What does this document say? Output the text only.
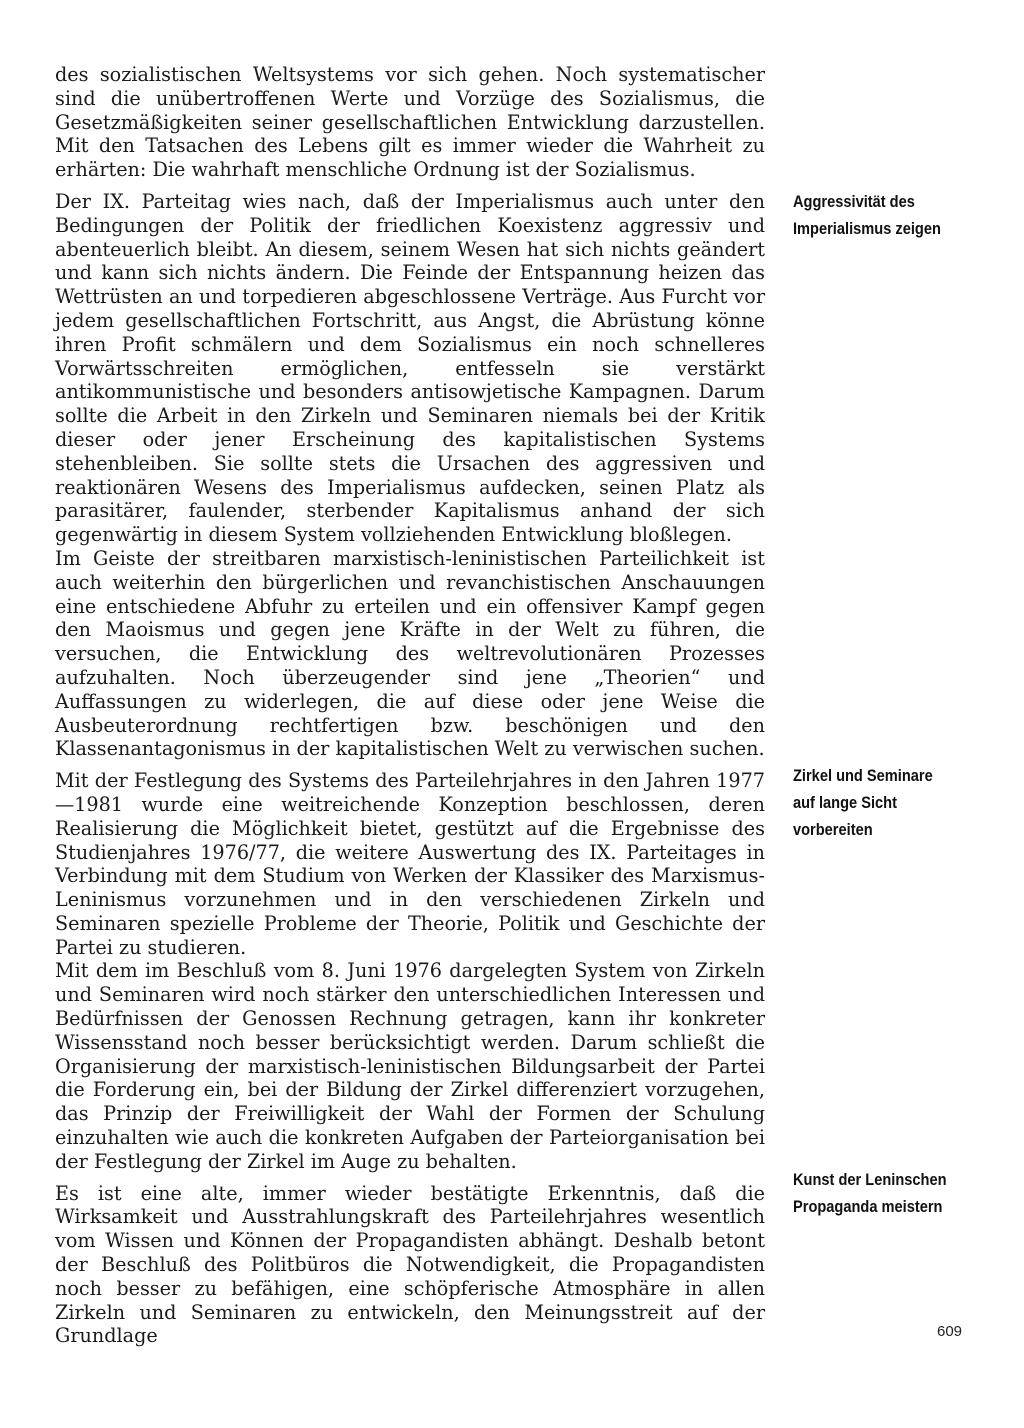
des sozialistischen Weltsystems vor sich gehen. Noch systematischer sind die unübertroffenen Werte und Vorzüge des Sozialismus, die Gesetzmäßigkeiten seiner gesellschaftlichen Entwicklung darzustellen. Mit den Tatsachen des Lebens gilt es immer wieder die Wahrheit zu erhärten: Die wahrhaft menschliche Ordnung ist der Sozialismus.

Der IX. Parteitag wies nach, daß der Imperialismus auch unter den Bedingungen der Politik der friedlichen Koexistenz aggressiv und abenteuerlich bleibt. An diesem, seinem Wesen hat sich nichts geändert und kann sich nichts ändern. Die Feinde der Entspannung heizen das Wettrüsten an und torpedieren abgeschlossene Verträge. Aus Furcht vor jedem gesellschaftlichen Fortschritt, aus Angst, die Abrüstung könne ihren Profit schmälern und dem Sozialismus ein noch schnelleres Vorwärtsschreiten ermöglichen, entfesseln sie verstärkt antikommunistische und besonders antisowjetische Kampagnen. Darum sollte die Arbeit in den Zirkeln und Seminaren niemals bei der Kritik dieser oder jener Erscheinung des kapitalistischen Systems stehenbleiben. Sie sollte stets die Ursachen des aggressiven und reaktionären Wesens des Imperialismus aufdecken, seinen Platz als parasitärer, faulender, sterbender Kapitalismus anhand der sich gegenwärtig in diesem System vollziehenden Entwicklung bloßlegen.

Im Geiste der streitbaren marxistisch-leninistischen Parteilichkeit ist auch weiterhin den bürgerlichen und revanchistischen Anschauungen eine entschiedene Abfuhr zu erteilen und ein offensiver Kampf gegen den Maoismus und gegen jene Kräfte in der Welt zu führen, die versuchen, die Entwicklung des weltrevolutionären Prozesses aufzuhalten. Noch überzeugender sind jene „Theorien“ und Auffassungen zu widerlegen, die auf diese oder jene Weise die Ausbeuterordnung rechtfertigen bzw. beschönigen und den Klassenantagonismus in der kapitalistischen Welt zu verwischen suchen.

Mit der Festlegung des Systems des Parteilehrjahres in den Jahren 1977—1981 wurde eine weitreichende Konzeption beschlossen, deren Realisierung die Möglichkeit bietet, gestützt auf die Ergebnisse des Studienjahres 1976/77, die weitere Auswertung des IX. Parteitages in Verbindung mit dem Studium von Werken der Klassiker des Marxismus-Leninismus vorzunehmen und in den verschiedenen Zirkeln und Seminaren spezielle Probleme der Theorie, Politik und Geschichte der Partei zu studieren.

Mit dem im Beschluß vom 8. Juni 1976 dargelegten System von Zirkeln und Seminaren wird noch stärker den unterschiedlichen Interessen und Bedürfnissen der Genossen Rechnung getragen, kann ihr konkreter Wissensstand noch besser berücksichtigt werden. Darum schließt die Organisierung der marxistisch-leninistischen Bildungsarbeit der Partei die Forderung ein, bei der Bildung der Zirkel differenziert vorzugehen, das Prinzip der Freiwilligkeit der Wahl der Formen der Schulung einzuhalten wie auch die konkreten Aufgaben der Parteiorganisation bei der Festlegung der Zirkel im Auge zu behalten.

Es ist eine alte, immer wieder bestätigte Erkenntnis, daß die Wirksamkeit und Ausstrahlungskraft des Parteilehrjahres wesentlich vom Wissen und Können der Propagandisten abhängt. Deshalb betont der Beschluß des Politbüros die Notwendigkeit, die Propagandisten noch besser zu befähigen, eine schöpferische Atmosphäre in allen Zirkeln und Seminaren zu entwickeln, den Meinungsstreit auf der Grundlage

Aggressivität des
Imperialismus zeigen
Zirkel und Seminare
auf lange Sicht
vorbereiten
Kunst der Leninschen
Propaganda meistern
609
